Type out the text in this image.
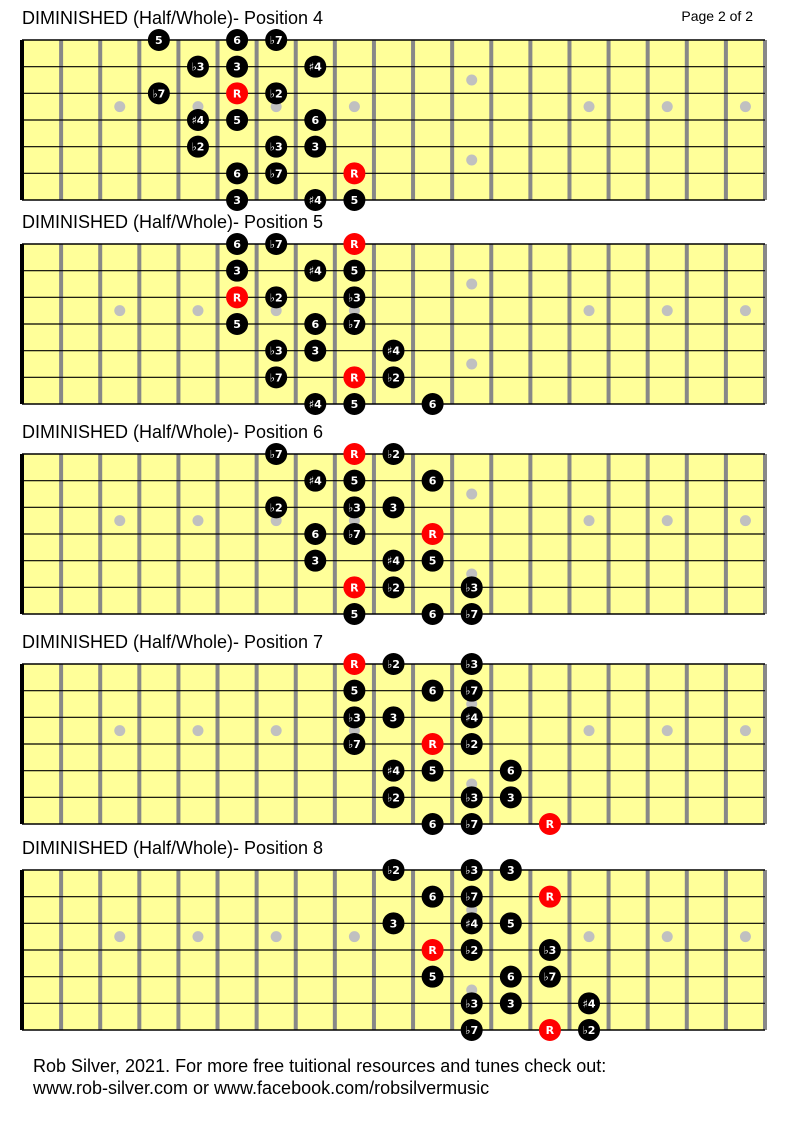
Page 2 of 2
DIMINISHED (Half/Whole)- Position 4
5	6	♭7
♭3	3	♯4
♭7	R	♭2
♯4	5	6
♭2	♭3	3
6	♭7	R
3	♯4	5
DIMINISHED (Half/Whole)- Position 5
6	♭7	R
3	♯4	5
R	♭2	♭3
5	6	♭7
♭3	3	♯4
♭7	R	♭2
♯4	5	6
DIMINISHED (Half/Whole)- Position 6
♭7	R	♭2
♯4	5	6
♭2	♭3	3
6	♭7	R
3	♯4	5
R	♭2	♭3
5	6	♭7
DIMINISHED (Half/Whole)- Position 7
R	♭2	♭3
5	6	♭7
♭3	3	♯4
♭7	R	♭2
♯4	5	6
♭2	♭3	3
6	♭7	R
DIMINISHED (Half/Whole)- Position 8
♭2	♭3	3
6	♭7	R
3	♯4	5
R	♭2	♭3
5	6	♭7
♭3	3	♯4
♭7	R	♭2
Rob Silver, 2021. For more free tuitional resources and tunes check out:
www.rob-silver.com or www.facebook.com/robsilvermusic
